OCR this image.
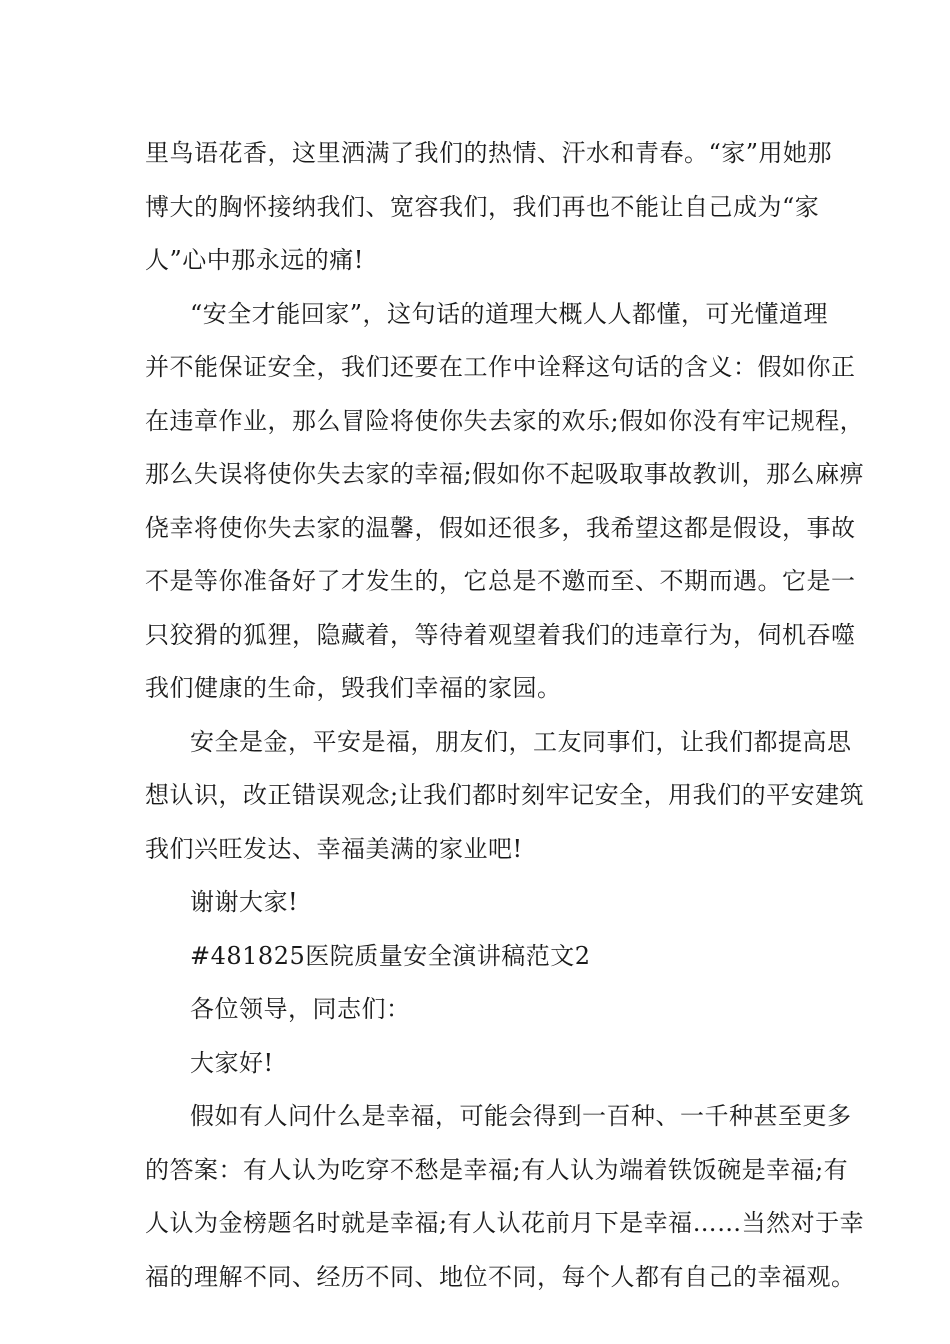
里鸟语花香，这里洒满了我们的热情、汗水和青春。“家”用她那
博大的胸怀接纳我们、宽容我们，我们再也不能让自己成为“家
人”心中那永远的痛!
“安全才能回家”，这句话的道理大概人人都懂，可光懂道理
并不能保证安全，我们还要在工作中诠释这句话的含义：假如你正
在违章作业，那么冒险将使你失去家的欢乐;假如你没有牢记规程，
那么失误将使你失去家的幸福;假如你不起吸取事故教训，那么麻痹
侥幸将使你失去家的温馨，假如还很多，我希望这都是假设，事故
不是等你准备好了才发生的，它总是不邀而至、不期而遇。它是一
只狡猾的狐狸，隐藏着，等待着观望着我们的违章行为，伺机吞噬
我们健康的生命，毁我们幸福的家园。
安全是金，平安是福，朋友们，工友同事们，让我们都提高思
想认识，改正错误观念;让我们都时刻牢记安全，用我们的平安建筑
我们兴旺发达、幸福美满的家业吧!
谢谢大家!
#481825医院质量安全演讲稿范文2
各位领导，同志们：
大家好!
假如有人问什么是幸福，可能会得到一百种、一千种甚至更多
的答案：有人认为吃穿不愁是幸福;有人认为端着铁饭碗是幸福;有
人认为金榜题名时就是幸福;有人认花前月下是幸福……当然对于幸
福的理解不同、经历不同、地位不同，每个人都有自己的幸福观。
